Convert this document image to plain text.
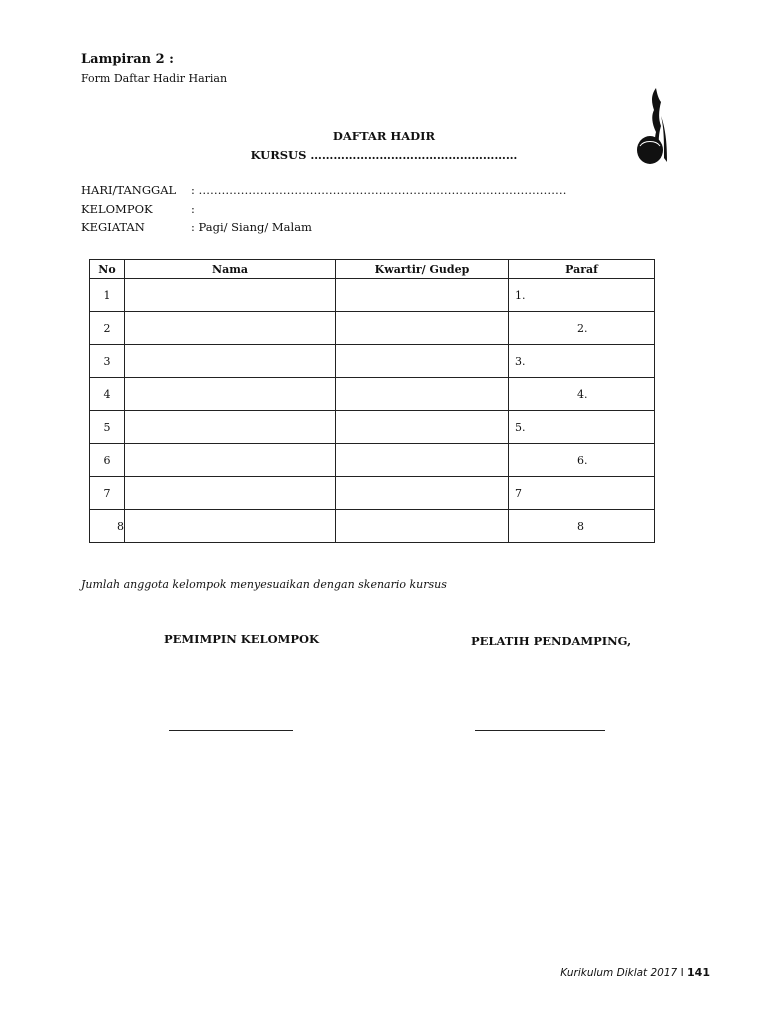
Lampiran 2 :
Form Daftar Hadir Harian
DAFTAR HADIR
KURSUS ………………………………………………
HARI/TANGGAL : ……………………………………………………………………………………
KELOMPOK	:
KEGIATAN	: Pagi/ Siang/ Malam
No	Nama	Kwartir/ Gudep	Paraf
1			1.
2			2.
3			3.
4			4.
5			5.
6			6.
7			7
8			8
Jumlah anggota kelompok menyesuaikan dengan skenario kursus
PEMIMPIN KELOMPOK	PELATIH PENDAMPING,
Kurikulum Diklat 2017 I 141
